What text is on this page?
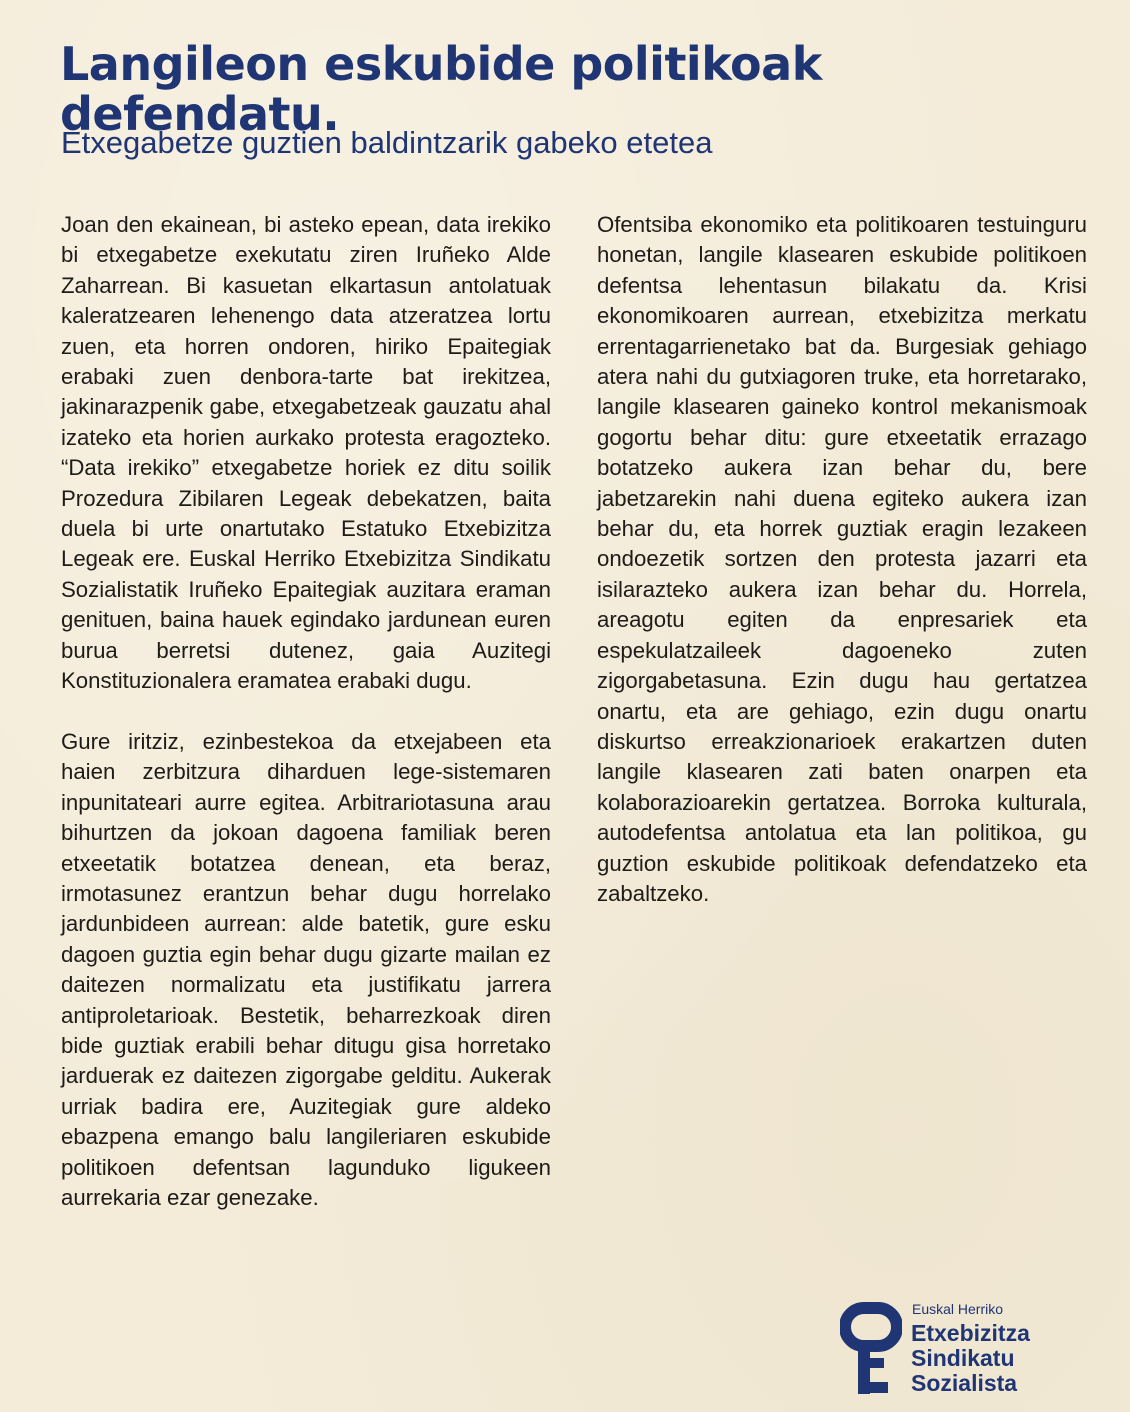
Langileon eskubide politikoak defendatu.
Etxegabetze guztien baldintzarik gabeko etetea

Joan den ekainean, bi asteko epean, data irekiko bi etxegabetze exekutatu ziren Iruñeko Alde Zaharrean. Bi kasuetan elkartasun antolatuak kaleratzearen lehenengo data atzeratzea lortu zuen, eta horren ondoren, hiriko Epaitegiak erabaki zuen denbora-tarte bat irekitzea, jakinarazpenik gabe, etxegabetzeak gauzatu ahal izateko eta horien aurkako protesta eragozteko. “Data irekiko” etxegabetze horiek ez ditu soilik Prozedura Zibilaren Legeak debekatzen, baita duela bi urte onartutako Estatuko Etxebizitza Legeak ere. Euskal Herriko Etxebizitza Sindikatu Sozialistatik Iruñeko Epaitegiak auzitara eraman genituen, baina hauek egindako jardunean euren burua berretsi dutenez, gaia Auzitegi Konstituzionalera eramatea erabaki dugu.

Gure iritziz, ezinbestekoa da etxejabeen eta haien zerbitzura diharduen lege-sistemaren inpunitateari aurre egitea. Arbitrariotasuna arau bihurtzen da jokoan dagoena familiak beren etxeetatik botatzea denean, eta beraz, irmotasunez erantzun behar dugu horrelako jardunbideen aurrean: alde batetik, gure esku dagoen guztia egin behar dugu gizarte mailan ez daitezen normalizatu eta justifikatu jarrera antiproletarioak. Bestetik, beharrezkoak diren bide guztiak erabili behar ditugu gisa horretako jarduerak ez daitezen zigorgabe gelditu. Aukerak urriak badira ere, Auzitegiak gure aldeko ebazpena emango balu langileriaren eskubide politikoen defentsan lagunduko ligukeen aurrekaria ezar genezake.

Ofentsiba ekonomiko eta politikoaren testuinguru honetan, langile klasearen eskubide politikoen defentsa lehentasun bilakatu da. Krisi ekonomikoaren aurrean, etxebizitza merkatu errentagarrienetako bat da. Burgesiak gehiago atera nahi du gutxiagoren truke, eta horretarako, langile klasearen gaineko kontrol mekanismoak gogortu behar ditu: gure etxeetatik errazago botatzeko aukera izan behar du, bere jabetzarekin nahi duena egiteko aukera izan behar du, eta horrek guztiak eragin lezakeen ondoezetik sortzen den protesta jazarri eta isilarazteko aukera izan behar du. Horrela, areagotu egiten da enpresariek eta espekulatzaileek dagoeneko zuten zigorgabetasuna. Ezin dugu hau gertatzea onartu, eta are gehiago, ezin dugu onartu diskurtso erreakzionarioek erakartzen duten langile klasearen zati baten onarpen eta kolaborazioarekin gertatzea. Borroka kulturala, autodefentsa antolatua eta lan politikoa, gu guztion eskubide politikoak defendatzeko eta zabaltzeko.

Euskal Herriko
Etxebizitza
Sindikatu
Sozialista
